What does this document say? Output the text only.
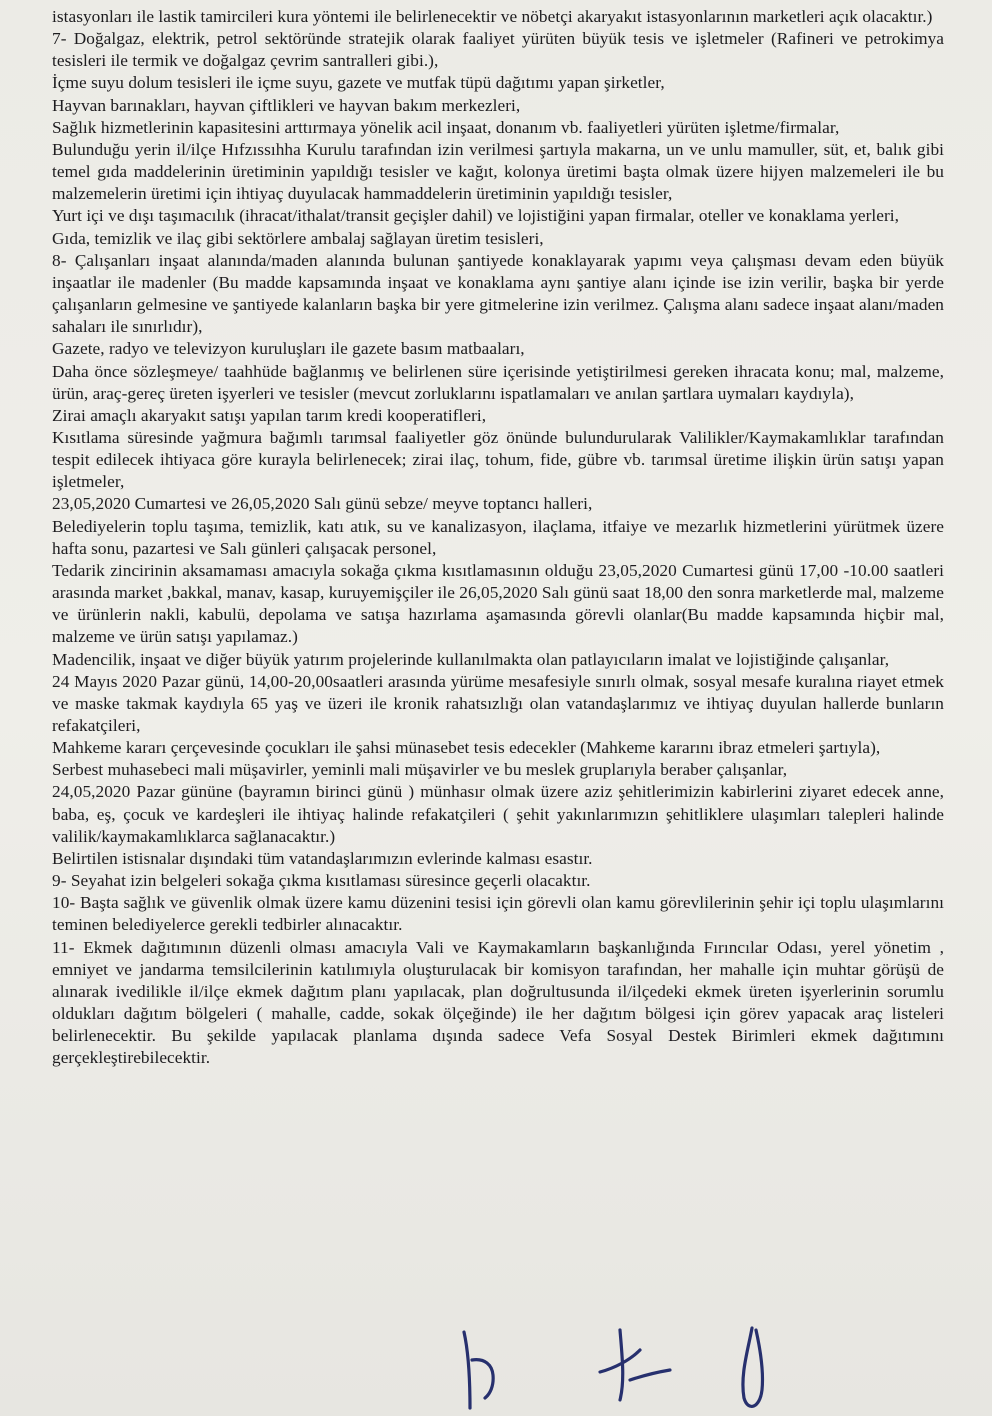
istasyonları ile lastik tamircileri kura yöntemi ile belirlenecektir ve nöbetçi akaryakıt istasyonlarının marketleri açık olacaktır.)

7- Doğalgaz, elektrik, petrol sektöründe stratejik olarak faaliyet yürüten büyük tesis ve işletmeler (Rafineri ve petrokimya tesisleri ile termik ve doğalgaz çevrim santralleri gibi.),

İçme suyu dolum tesisleri ile içme suyu, gazete ve mutfak tüpü dağıtımı yapan şirketler,

Hayvan barınakları, hayvan çiftlikleri ve hayvan bakım merkezleri,

Sağlık hizmetlerinin kapasitesini arttırmaya yönelik acil inşaat, donanım vb. faaliyetleri yürüten işletme/firmalar,

Bulunduğu yerin il/ilçe Hıfzıssıhha Kurulu tarafından izin verilmesi şartıyla makarna, un ve unlu mamuller, süt, et, balık gibi temel gıda maddelerinin üretiminin yapıldığı tesisler ve kağıt, kolonya üretimi başta olmak üzere hijyen malzemeleri ile bu malzemelerin üretimi için ihtiyaç duyulacak hammaddelerin üretiminin yapıldığı tesisler,

Yurt içi ve dışı taşımacılık (ihracat/ithalat/transit geçişler dahil) ve lojistiğini yapan firmalar, oteller ve konaklama yerleri,

Gıda, temizlik ve ilaç gibi sektörlere ambalaj sağlayan üretim tesisleri,

8- Çalışanları inşaat alanında/maden alanında bulunan şantiyede konaklayarak yapımı veya çalışması devam eden büyük inşaatlar ile madenler (Bu madde kapsamında inşaat ve konaklama aynı şantiye alanı içinde ise izin verilir, başka bir yerde çalışanların gelmesine ve şantiyede kalanların başka bir yere gitmelerine izin verilmez. Çalışma alanı sadece inşaat alanı/maden sahaları ile sınırlıdır),

Gazete, radyo ve televizyon kuruluşları ile gazete basım matbaaları,

Daha önce sözleşmeye/ taahhüde bağlanmış ve belirlenen süre içerisinde yetiştirilmesi gereken ihracata konu; mal, malzeme, ürün, araç-gereç üreten işyerleri ve tesisler (mevcut zorluklarını ispatlamaları ve anılan şartlara uymaları kaydıyla),

Zirai amaçlı akaryakıt satışı yapılan tarım kredi kooperatifleri,

Kısıtlama süresinde yağmura bağımlı tarımsal faaliyetler göz önünde bulundurularak Valilikler/Kaymakamlıklar tarafından tespit edilecek ihtiyaca göre kurayla belirlenecek; zirai ilaç, tohum, fide, gübre vb. tarımsal üretime ilişkin ürün satışı yapan işletmeler,

23,05,2020 Cumartesi ve 26,05,2020 Salı günü sebze/ meyve toptancı halleri,

Belediyelerin toplu taşıma, temizlik, katı atık, su ve kanalizasyon, ilaçlama, itfaiye ve mezarlık hizmetlerini yürütmek üzere hafta sonu, pazartesi ve Salı günleri çalışacak personel,

Tedarik zincirinin aksamaması amacıyla sokağa çıkma kısıtlamasının olduğu 23,05,2020 Cumartesi günü 17,00 -10.00 saatleri arasında market ,bakkal, manav, kasap, kuruyemişçiler ile 26,05,2020 Salı günü saat 18,00 den sonra marketlerde mal, malzeme ve ürünlerin nakli, kabulü, depolama ve satışa hazırlama aşamasında görevli olanlar(Bu madde kapsamında hiçbir mal, malzeme ve ürün satışı yapılamaz.)

Madencilik, inşaat ve diğer büyük yatırım projelerinde kullanılmakta olan patlayıcıların imalat ve lojistiğinde çalışanlar,

24 Mayıs 2020 Pazar günü, 14,00-20,00saatleri arasında yürüme mesafesiyle sınırlı olmak, sosyal mesafe kuralına riayet etmek ve maske takmak kaydıyla 65 yaş ve üzeri ile kronik rahatsızlığı olan vatandaşlarımız ve ihtiyaç duyulan hallerde bunların refakatçileri,

Mahkeme kararı çerçevesinde çocukları ile şahsi münasebet tesis edecekler (Mahkeme kararını ibraz etmeleri şartıyla),

Serbest muhasebeci mali müşavirler, yeminli mali müşavirler ve bu meslek gruplarıyla beraber çalışanlar,

24,05,2020 Pazar gününe (bayramın birinci günü ) münhasır olmak üzere aziz şehitlerimizin kabirlerini ziyaret edecek anne, baba, eş, çocuk ve kardeşleri ile ihtiyaç halinde refakatçileri ( şehit yakınlarımızın şehitliklere ulaşımları talepleri halinde valilik/kaymakamlıklarca sağlanacaktır.)

Belirtilen istisnalar dışındaki tüm vatandaşlarımızın evlerinde kalması esastır.

9- Seyahat izin belgeleri sokağa çıkma kısıtlaması süresince geçerli olacaktır.

10- Başta sağlık ve güvenlik olmak üzere kamu düzenini tesisi için görevli olan kamu görevlilerinin şehir içi toplu ulaşımlarını teminen belediyelerce gerekli tedbirler alınacaktır.

11- Ekmek dağıtımının düzenli olması amacıyla Vali ve Kaymakamların başkanlığında Fırıncılar Odası, yerel yönetim , emniyet ve jandarma temsilcilerinin katılımıyla oluşturulacak bir komisyon tarafından, her mahalle için muhtar görüşü de alınarak ivedilikle il/ilçe ekmek dağıtım planı yapılacak, plan doğrultusunda il/ilçedeki ekmek üreten işyerlerinin sorumlu oldukları dağıtım bölgeleri ( mahalle, cadde, sokak ölçeğinde) ile her dağıtım bölgesi için görev yapacak araç listeleri belirlenecektir. Bu şekilde yapılacak planlama dışında sadece Vefa Sosyal Destek Birimleri ekmek dağıtımını gerçekleştirebilecektir.
